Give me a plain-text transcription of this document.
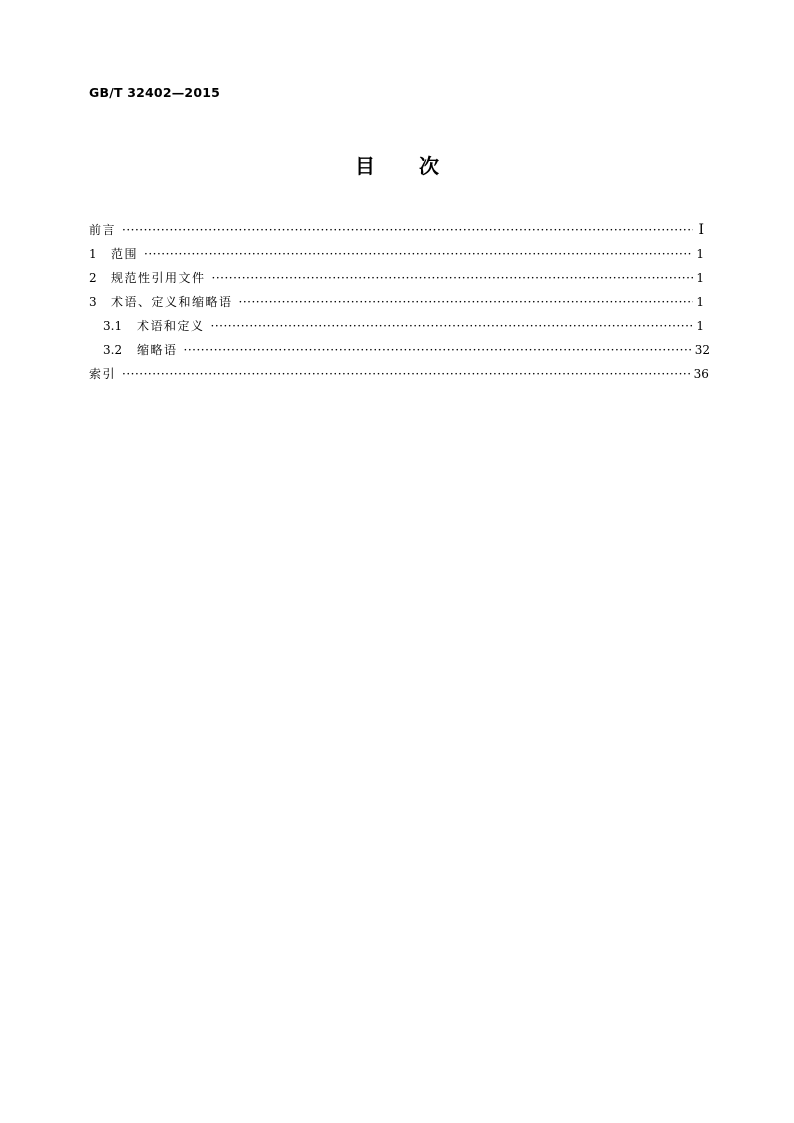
GB/T 32402—2015
目 次
前言 ·····	Ⅰ
1	范围 ·····	1
2	规范性引用文件 ·····	1
3	术语、定义和缩略语 ·····	1
3.1	术语和定义 ·····	1
3.2	缩略语 ·····	32
索引 ·····	36
